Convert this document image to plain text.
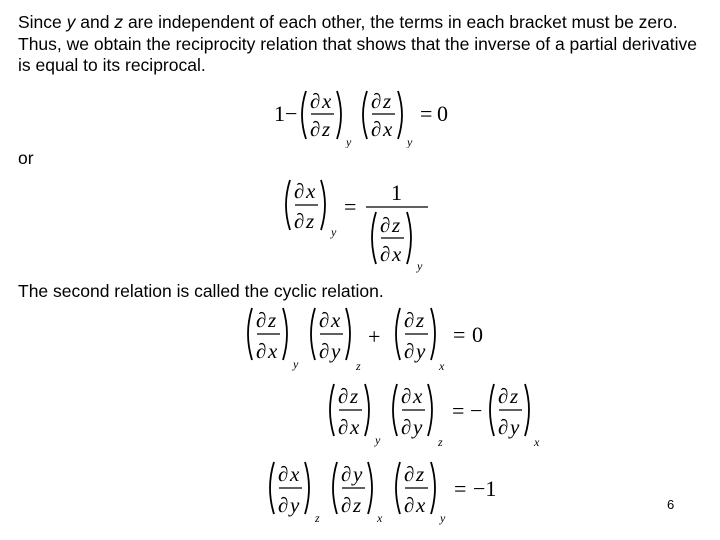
Since y and z are independent of each other, the terms in each bracket must be zero. Thus, we obtain the reciprocity relation that shows that the inverse of a partial derivative is equal to its reciprocal.

or

The second relation is called the cyclic relation.

1 − ∂ x
∂ z
y
∂ z
∂ x
y
= 0
∂ x
∂ z y
=
1
∂ z
∂ x y
∂ z
∂ x
y
∂ x
∂ y
z
+
∂ z
∂ y
x
= 0
∂ z
∂ x
y
∂ x
∂ y
z
= −
∂ z
∂ y
x
∂ x
∂ y
z
∂ y
∂ z
x
∂ z
∂ x
y
= −1
6
